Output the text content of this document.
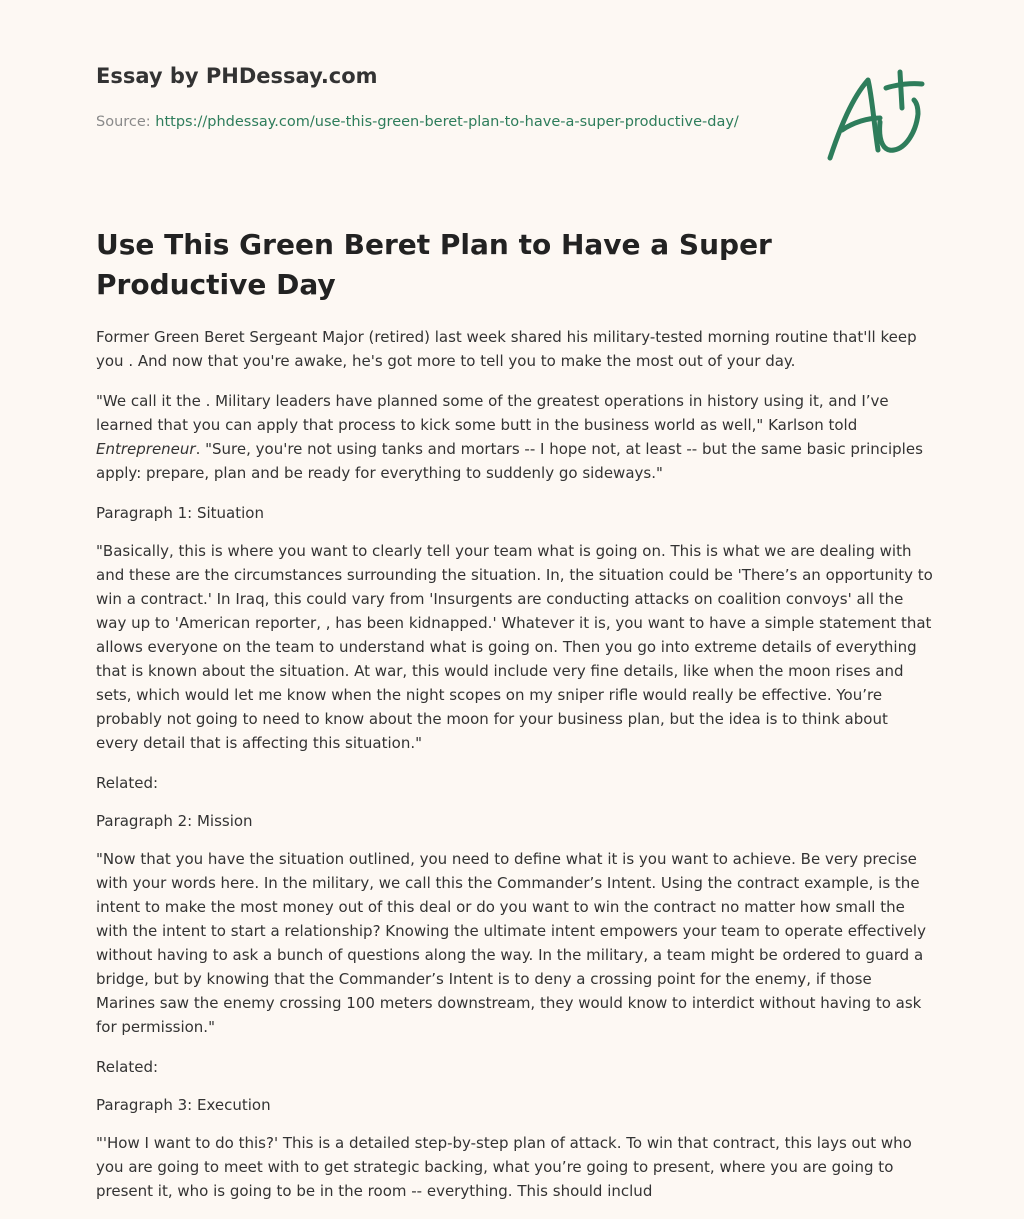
Essay by PHDessay.com
Source: https://phdessay.com/use-this-green-beret-plan-to-have-a-super-productive-day/
Use This Green Beret Plan to Have a Super Productive Day

Former Green Beret Sergeant Major (retired) last week shared his military-tested morning routine that'll keep you . And now that you're awake, he's got more to tell you to make the most out of your day.

"We call it the . Military leaders have planned some of the greatest operations in history using it, and I’ve learned that you can apply that process to kick some butt in the business world as well," Karlson told Entrepreneur. "Sure, you're not using tanks and mortars -- I hope not, at least -- but the same basic principles apply: prepare, plan and be ready for everything to suddenly go sideways."

Paragraph 1: Situation

"Basically, this is where you want to clearly tell your team what is going on. This is what we are dealing with and these are the circumstances surrounding the situation. In, the situation could be 'There’s an opportunity to win a contract.' In Iraq, this could vary from 'Insurgents are conducting attacks on coalition convoys' all the way up to 'American reporter, , has been kidnapped.' Whatever it is, you want to have a simple statement that allows everyone on the team to understand what is going on. Then you go into extreme details of everything that is known about the situation. At war, this would include very fine details, like when the moon rises and sets, which would let me know when the night scopes on my sniper rifle would really be effective. You’re probably not going to need to know about the moon for your business plan, but the idea is to think about every detail that is affecting this situation."

Related:

Paragraph 2: Mission

"Now that you have the situation outlined, you need to define what it is you want to achieve. Be very precise with your words here. In the military, we call this the Commander’s Intent. Using the contract example, is the intent to make the most money out of this deal or do you want to win the contract no matter how small the with the intent to start a relationship? Knowing the ultimate intent empowers your team to operate effectively without having to ask a bunch of questions along the way. In the military, a team might be ordered to guard a bridge, but by knowing that the Commander’s Intent is to deny a crossing point for the enemy, if those Marines saw the enemy crossing 100 meters downstream, they would know to interdict without having to ask for permission."

Related:

Paragraph 3: Execution

"'How I want to do this?' This is a detailed step-by-step plan of attack. To win that contract, this lays out who you are going to meet with to get strategic backing, what you’re going to present, where you are going to present it, who is going to be in the room -- everything. This should includ
